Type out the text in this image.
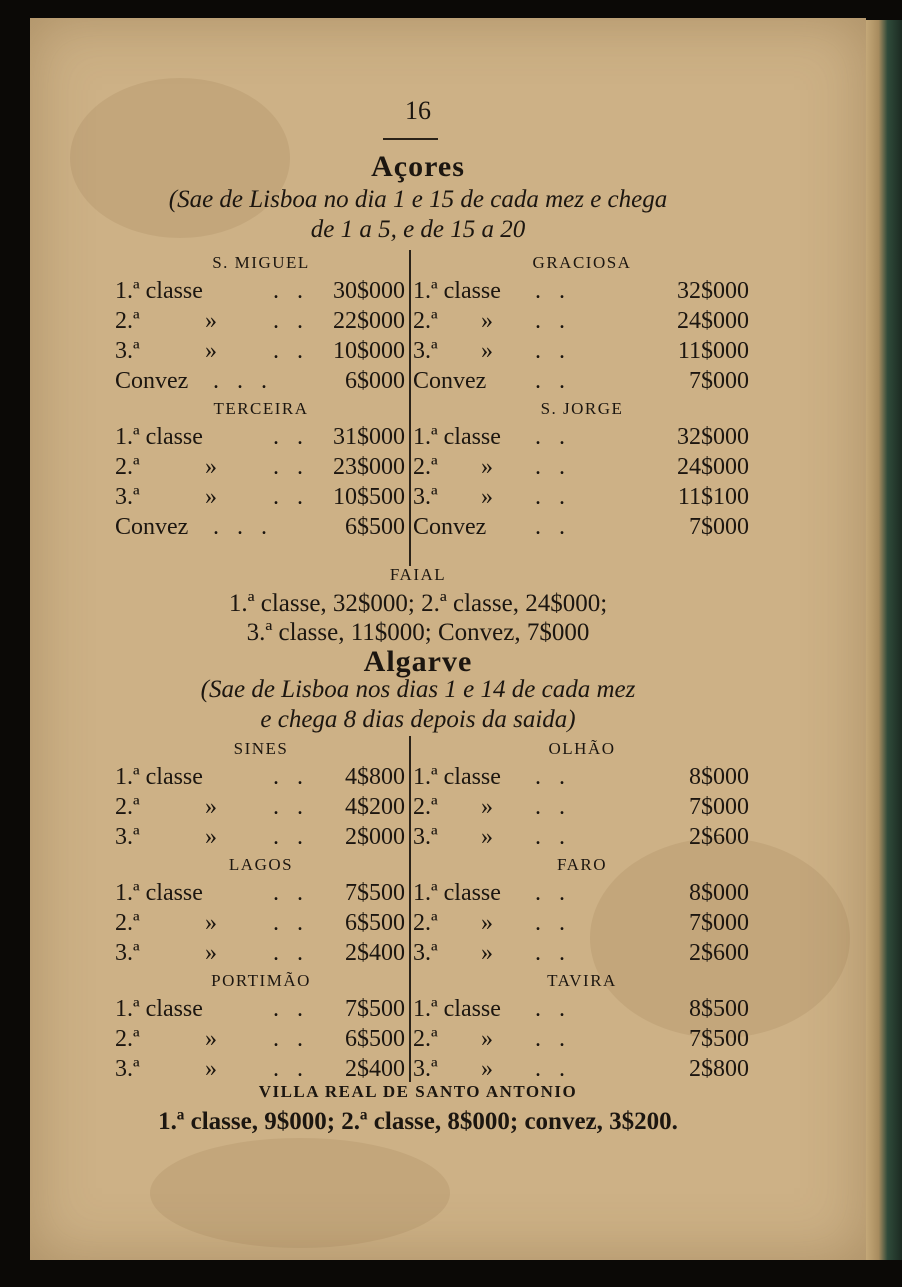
16
Açores
(Sae de Lisboa no dia 1 e 15 de cada mez e chega
de 1 a 5, e de 15 a 20
S. MIGUEL
1.ª classe	. . 30$000
2.ª	» . . 22$000
3.ª	» . . 10$000
Convez . . .	6$000
GRACIOSA
1.ª classe . .	32$000
2.ª » . .	24$000
3.ª » . .	11$000
Convez . .	7$000
TERCEIRA
1.ª classe	. . 31$000
2.ª	» . . 23$000
3.ª	» . . 10$500
Convez . . .	6$500
S. JORGE
1.ª classe . .	32$000
2.ª » . .	24$000
3.ª » . .	11$100
Convez . .	7$000
FAIAL
1.ª classe, 32$000; 2.ª classe, 24$000;
3.ª classe, 11$000; Convez, 7$000
Algarve
(Sae de Lisboa nos dias 1 e 14 de cada mez
e chega 8 dias depois da saida)
SINES
1.ª classe	. . 4$800
2.ª	» . . 4$200
3.ª	» . . 2$000
OLHÃO
1.ª classe . .	8$000
2.ª » . .	7$000
3.ª » . .	2$600
LAGOS
1.ª classe	. . 7$500
2.ª	» . . 6$500
3.ª	» . . 2$400
FARO
1.ª classe . .	8$000
2.ª » . .	7$000
3.ª » . .	2$600
PORTIMÃO
1.ª classe	. . 7$500
2.ª	» . . 6$500
3.ª	» . . 2$400
TAVIRA
1.ª classe . .	8$500
2.ª » . .	7$500
3.ª » . .	2$800
VILLA REAL DE SANTO ANTONIO
1.ª classe, 9$000; 2.ª classe, 8$000; convez, 3$200.
